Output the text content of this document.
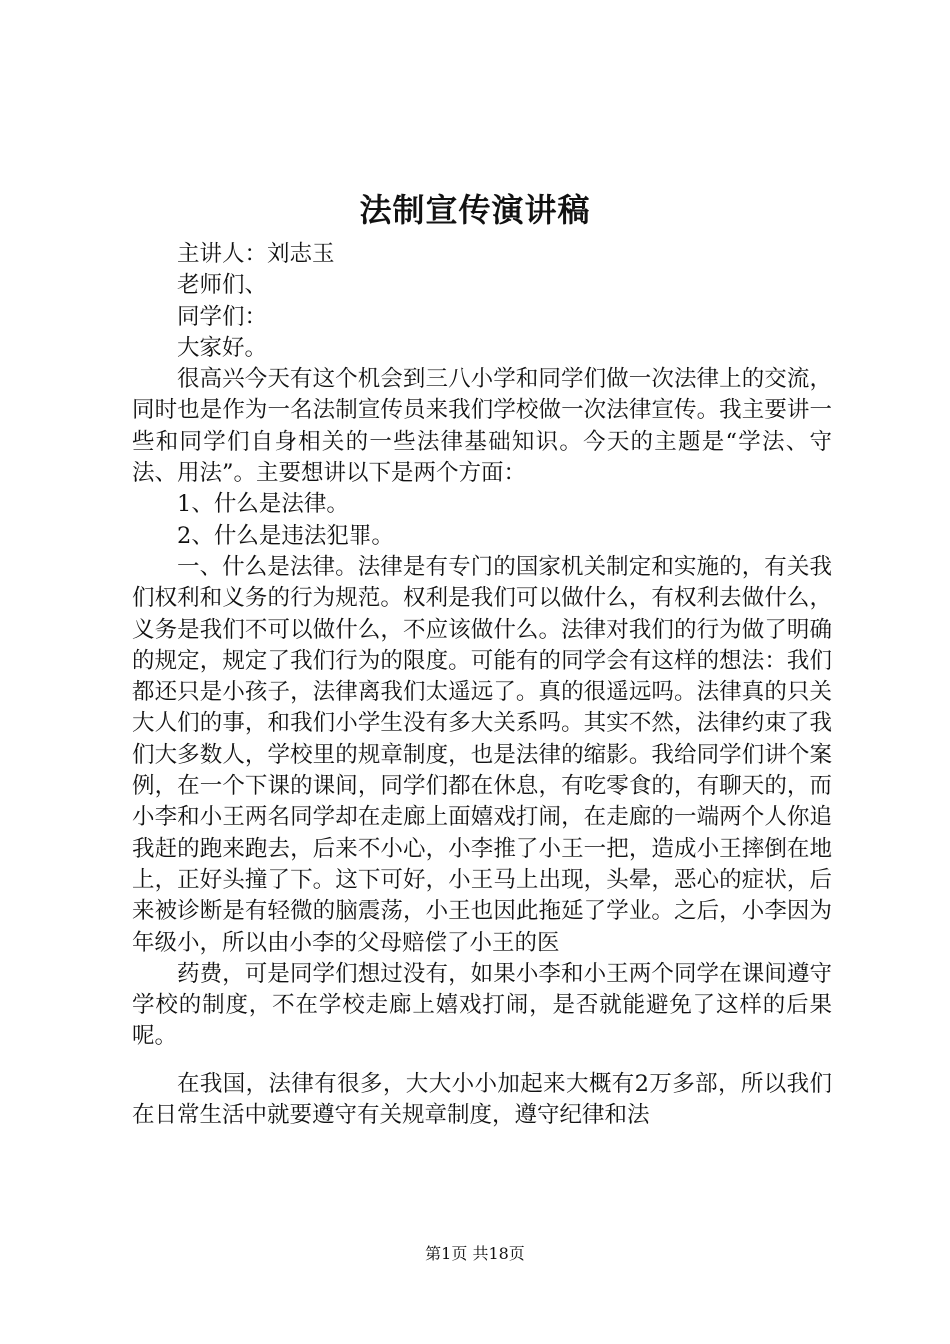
法制宣传演讲稿

主讲人：刘志玉

老师们、

同学们：

大家好。

很高兴今天有这个机会到三八小学和同学们做一次法律上的交流，同时也是作为一名法制宣传员来我们学校做一次法律宣传。我主要讲一些和同学们自身相关的一些法律基础知识。今天的主题是“学法、守法、用法”。主要想讲以下是两个方面：

1、什么是法律。

2、什么是违法犯罪。

一、什么是法律。法律是有专门的国家机关制定和实施的，有关我们权利和义务的行为规范。权利是我们可以做什么，有权利去做什么，义务是我们不可以做什么，不应该做什么。法律对我们的行为做了明确的规定，规定了我们行为的限度。可能有的同学会有这样的想法：我们都还只是小孩子，法律离我们太遥远了。真的很遥远吗。法律真的只关大人们的事，和我们小学生没有多大关系吗。其实不然，法律约束了我们大多数人，学校里的规章制度，也是法律的缩影。我给同学们讲个案例，在一个下课的课间，同学们都在休息，有吃零食的，有聊天的，而小李和小王两名同学却在走廊上面嬉戏打闹，在走廊的一端两个人你追我赶的跑来跑去，后来不小心，小李推了小王一把，造成小王摔倒在地上，正好头撞了下。这下可好，小王马上出现，头晕，恶心的症状，后来被诊断是有轻微的脑震荡，小王也因此拖延了学业。之后，小李因为年级小，所以由小李的父母赔偿了小王的医

药费，可是同学们想过没有，如果小李和小王两个同学在课间遵守学校的制度，不在学校走廊上嬉戏打闹，是否就能避免了这样的后果呢。

在我国，法律有很多，大大小小加起来大概有2万多部，所以我们在日常生活中就要遵守有关规章制度，遵守纪律和法

第1页 共18页
